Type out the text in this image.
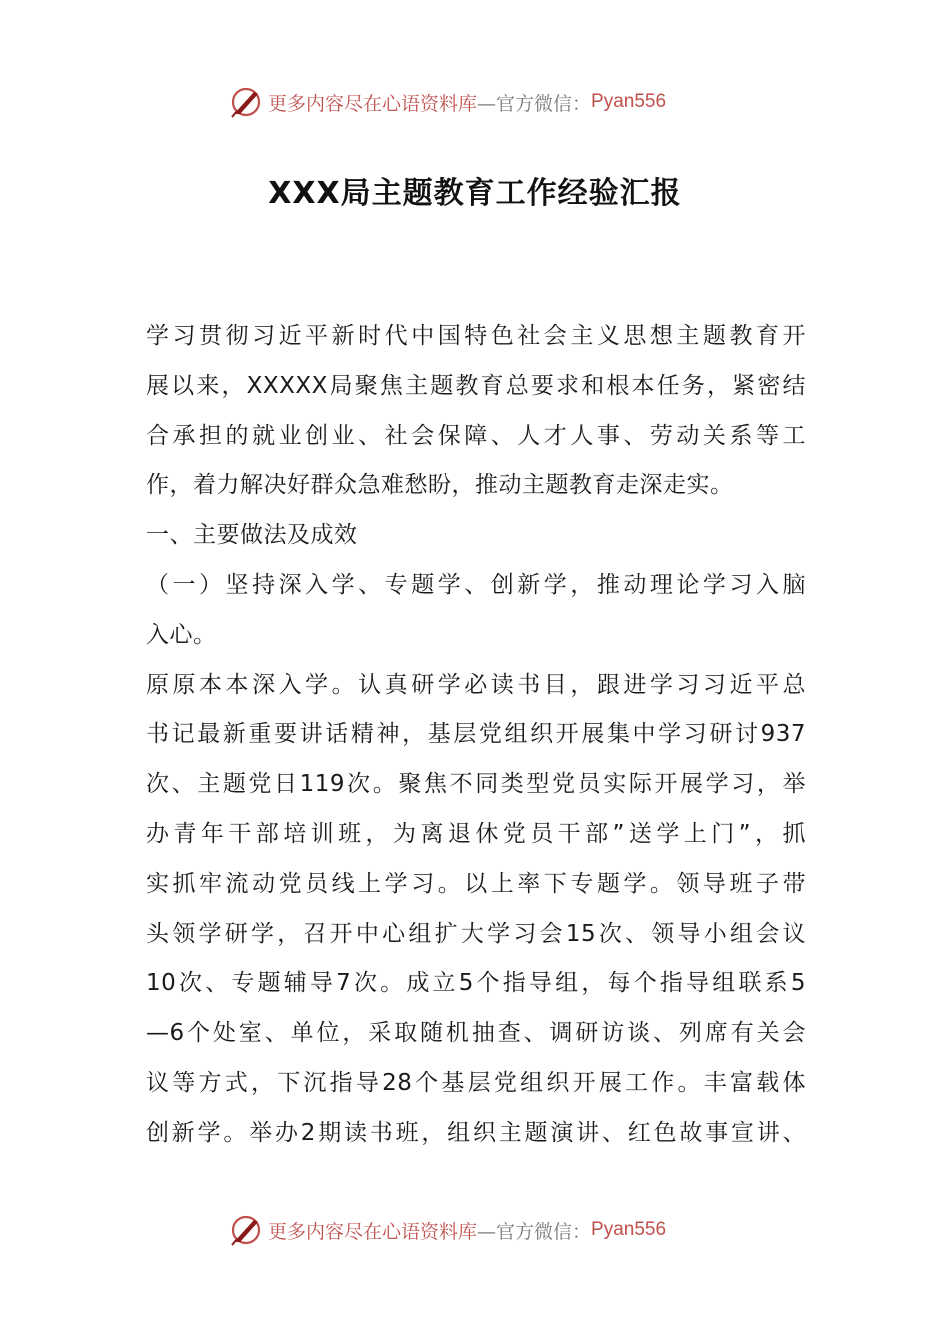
更多内容尽在心语资料库 —官方微信： Pyan556
XXX局主题教育工作经验汇报
学习贯彻习近平新时代中国特色社会主义思想主题教育开
展以来，XXXXX局聚焦主题教育总要求和根本任务，紧密结
合承担的就业创业、社会保障、人才人事、劳动关系等工
作，着力解决好群众急难愁盼，推动主题教育走深走实。
一、主要做法及成效
（一）坚持深入学、专题学、创新学，推动理论学习入脑
入心。
原原本本深入学。认真研学必读书目，跟进学习习近平总
书记最新重要讲话精神，基层党组织开展集中学习研讨937
次、主题党日119次。聚焦不同类型党员实际开展学习，举
办青年干部培训班，为离退休党员干部”送学上门”，抓
实抓牢流动党员线上学习。以上率下专题学。领导班子带
头领学研学，召开中心组扩大学习会15次、领导小组会议
10次、专题辅导7次。成立5个指导组，每个指导组联系5
—6个处室、单位，采取随机抽查、调研访谈、列席有关会
议等方式，下沉指导28个基层党组织开展工作。丰富载体
创新学。举办2期读书班，组织主题演讲、红色故事宣讲、
更多内容尽在心语资料库 —官方微信： Pyan556
